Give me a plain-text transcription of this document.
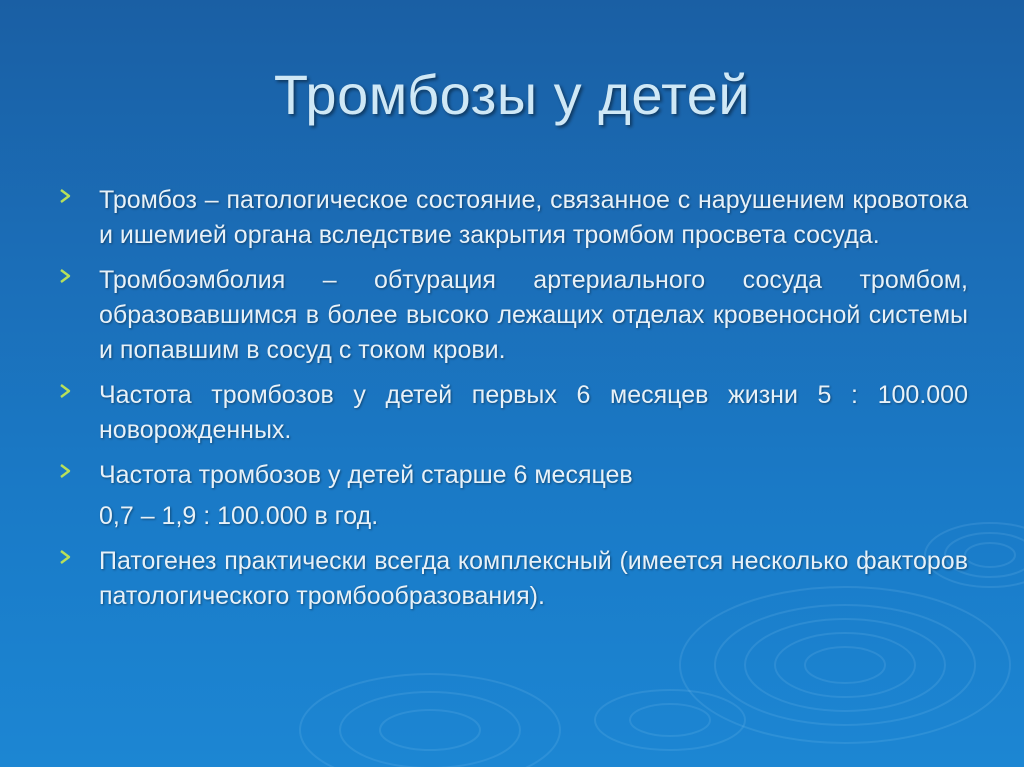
Тромбозы у детей
Тромбоз – патологическое состояние, связанное с нарушением кровотока и ишемией органа вследствие закрытия тромбом просвета сосуда.
Тромбоэмболия – обтурация артериального сосуда тромбом, образовавшимся в более высоко лежащих отделах кровеносной системы и попавшим в сосуд с током крови.
Частота тромбозов у детей первых 6 месяцев жизни 5 : 100.000 новорожденных.
Частота тромбозов у детей старше 6 месяцев
0,7 – 1,9 : 100.000 в год.
Патогенез практически всегда комплексный (имеется несколько факторов патологического тромбообразования).
